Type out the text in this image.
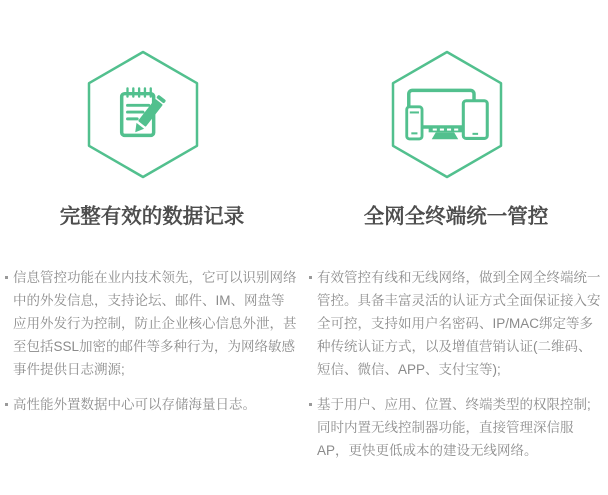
完整有效的数据记录
信息管控功能在业内技术领先，它可以识别网络中的外发信息，支持论坛、邮件、IM、网盘等应用外发行为控制，防止企业核心信息外泄，甚至包括SSL加密的邮件等多种行为，为网络敏感事件提供日志溯源;
高性能外置数据中心可以存储海量日志。
全网全终端统一管控
有效管控有线和无线网络，做到全网全终端统一管控。具备丰富灵活的认证方式全面保证接入安全可控，支持如用户名密码、IP/MAC绑定等多种传统认证方式，以及增值营销认证(二维码、短信、微信、APP、支付宝等);
基于用户、应用、位置、终端类型的权限控制;同时内置无线控制器功能，直接管理深信服AP，更快更低成本的建设无线网络。
